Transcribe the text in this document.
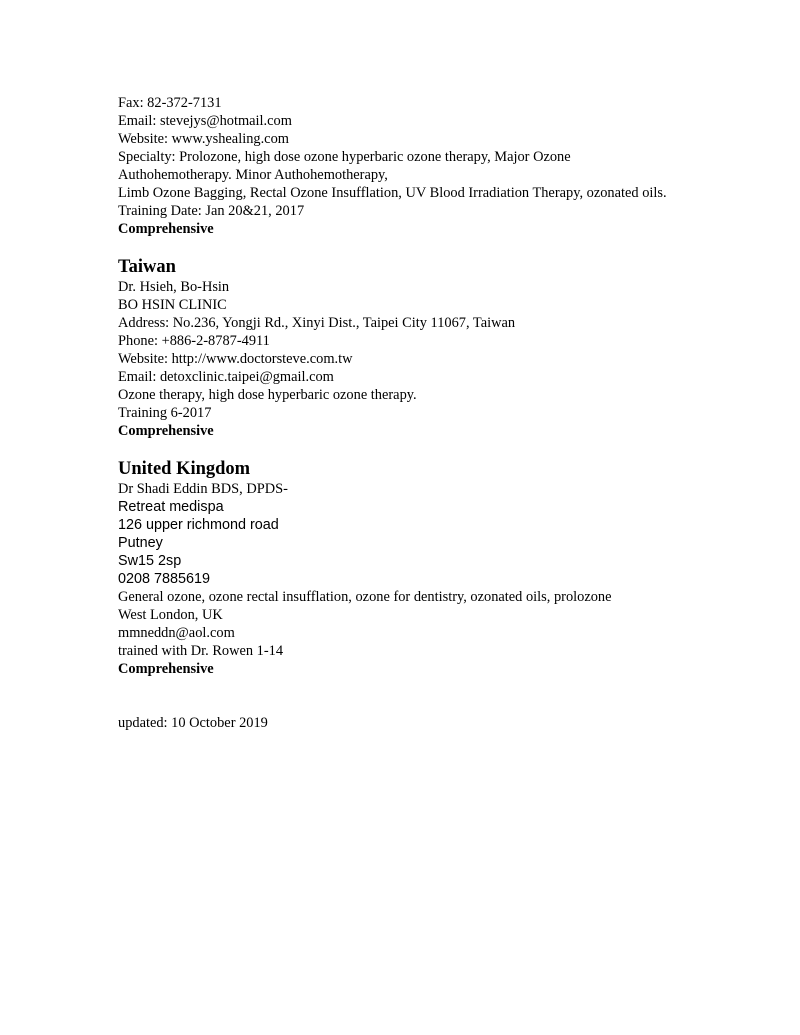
Fax: 82-372-7131
Email: stevejys@hotmail.com
Website: www.yshealing.com
Specialty: Prolozone, high dose ozone hyperbaric ozone therapy, Major Ozone
Authohemotherapy. Minor Authohemotherapy,
Limb Ozone Bagging, Rectal Ozone Insufflation, UV Blood Irradiation Therapy, ozonated oils.
Training Date: Jan 20&21, 2017
Comprehensive
Taiwan
Dr. Hsieh, Bo-Hsin
BO HSIN CLINIC
Address: No.236, Yongji Rd., Xinyi Dist., Taipei City 11067, Taiwan
Phone: +886-2-8787-4911
Website: http://www.doctorsteve.com.tw
Email: detoxclinic.taipei@gmail.com
Ozone therapy, high dose hyperbaric ozone therapy.
Training 6-2017
Comprehensive
United Kingdom
Dr Shadi Eddin BDS, DPDS-
Retreat medispa
126 upper richmond road
Putney
Sw15 2sp
0208 7885619
General ozone, ozone rectal insufflation, ozone for dentistry, ozonated oils, prolozone
West London, UK
mmneddn@aol.com
trained with Dr. Rowen 1-14
Comprehensive
updated: 10 October 2019
